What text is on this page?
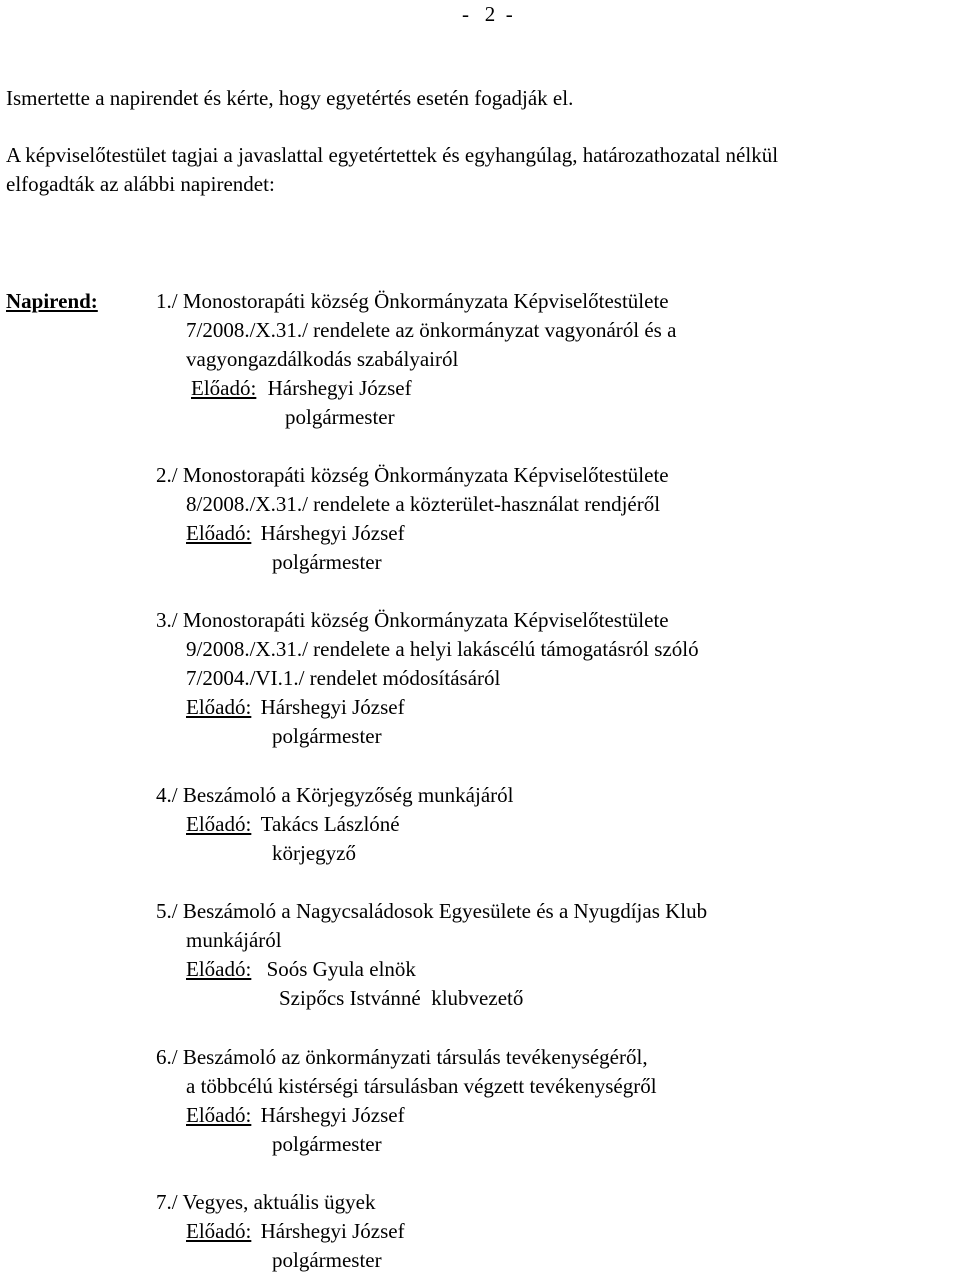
-   2  -
Ismertette a napirendet és kérte, hogy egyetértés esetén fogadják el.
A képviselőtestület tagjai a javaslattal egyetértettek és egyhangúlag, határozathozatal nélkül
elfogadták az alábbi napirendet:
Napirend:	1./ Monostorapáti község Önkormányzata Képviselőtestülete
7/2008./X.31./ rendelete az önkormányzat vagyonáról és a
vagyongazdálkodás szabályairól
Előadó: Hárshegyi József
polgármester
2./ Monostorapáti község Önkormányzata Képviselőtestülete
8/2008./X.31./ rendelete a közterület-használat rendjéről
Előadó: Hárshegyi József
polgármester
3./ Monostorapáti község Önkormányzata Képviselőtestülete
9/2008./X.31./ rendelete a helyi lakáscélú támogatásról szóló
7/2004./VI.1./ rendelet módosításáról
Előadó: Hárshegyi József
polgármester
4./ Beszámoló a Körjegyzőség munkájáról
Előadó: Takács Lászlóné
körjegyző
5./ Beszámoló a Nagycsaládosok Egyesülete és a Nyugdíjas Klub
munkájáról
Előadó: Soós Gyula elnök
Szipőcs Istvánné  klubvezető
6./ Beszámoló az önkormányzati társulás tevékenységéről,
a többcélú kistérségi társulásban végzett tevékenységről
Előadó: Hárshegyi József
polgármester
7./ Vegyes, aktuális ügyek
Előadó: Hárshegyi József
polgármester
